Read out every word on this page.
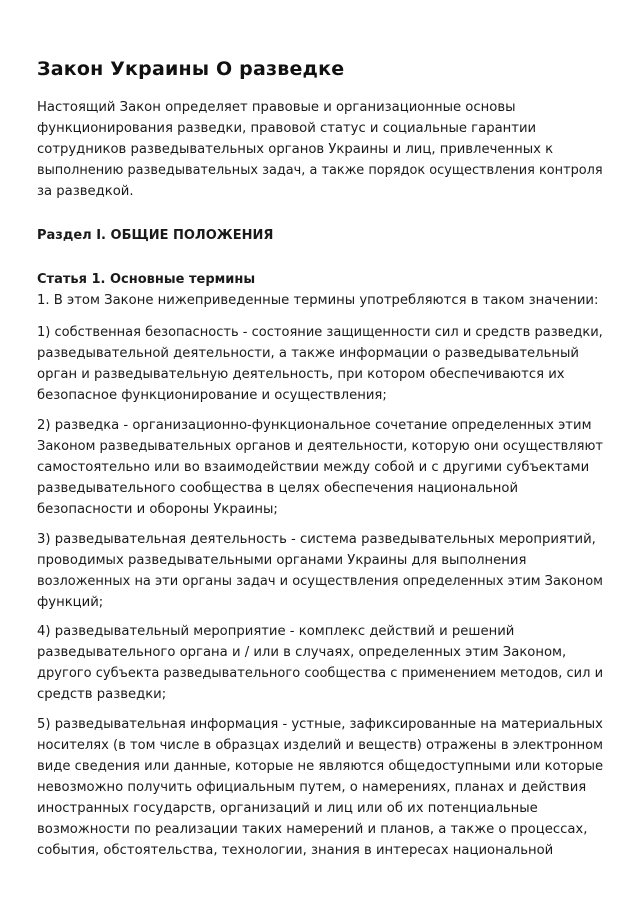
Закон Украины О разведке
Настоящий Закон определяет правовые и организационные основы
функционирования разведки, правовой статус и социальные гарантии
сотрудников разведывательных органов Украины и лиц, привлеченных к
выполнению разведывательных задач, а также порядок осуществления контроля
за разведкой.
Раздел I. ОБЩИЕ ПОЛОЖЕНИЯ
Статья 1. Основные термины
1. В этом Законе нижеприведенные термины употребляются в таком значении:
1) собственная безопасность - состояние защищенности сил и средств разведки,
разведывательной деятельности, а также информации о разведывательный
орган и разведывательную деятельность, при котором обеспечиваются их
безопасное функционирование и осуществления;
2) разведка - организационно-функциональное сочетание определенных этим
Законом разведывательных органов и деятельности, которую они осуществляют
самостоятельно или во взаимодействии между собой и с другими субъектами
разведывательного сообщества в целях обеспечения национальной
безопасности и обороны Украины;
3) разведывательная деятельность - система разведывательных мероприятий,
проводимых разведывательными органами Украины для выполнения
возложенных на эти органы задач и осуществления определенных этим Законом
функций;
4) разведывательный мероприятие - комплекс действий и решений
разведывательного органа и / или в случаях, определенных этим Законом,
другого субъекта разведывательного сообщества с применением методов, сил и
средств разведки;
5) разведывательная информация - устные, зафиксированные на материальных
носителях (в том числе в образцах изделий и веществ) отражены в электронном
виде сведения или данные, которые не являются общедоступными или которые
невозможно получить официальным путем, о намерениях, планах и действия
иностранных государств, организаций и лиц или об их потенциальные
возможности по реализации таких намерений и планов, а также о процессах,
события, обстоятельства, технологии, знания в интересах национальной
